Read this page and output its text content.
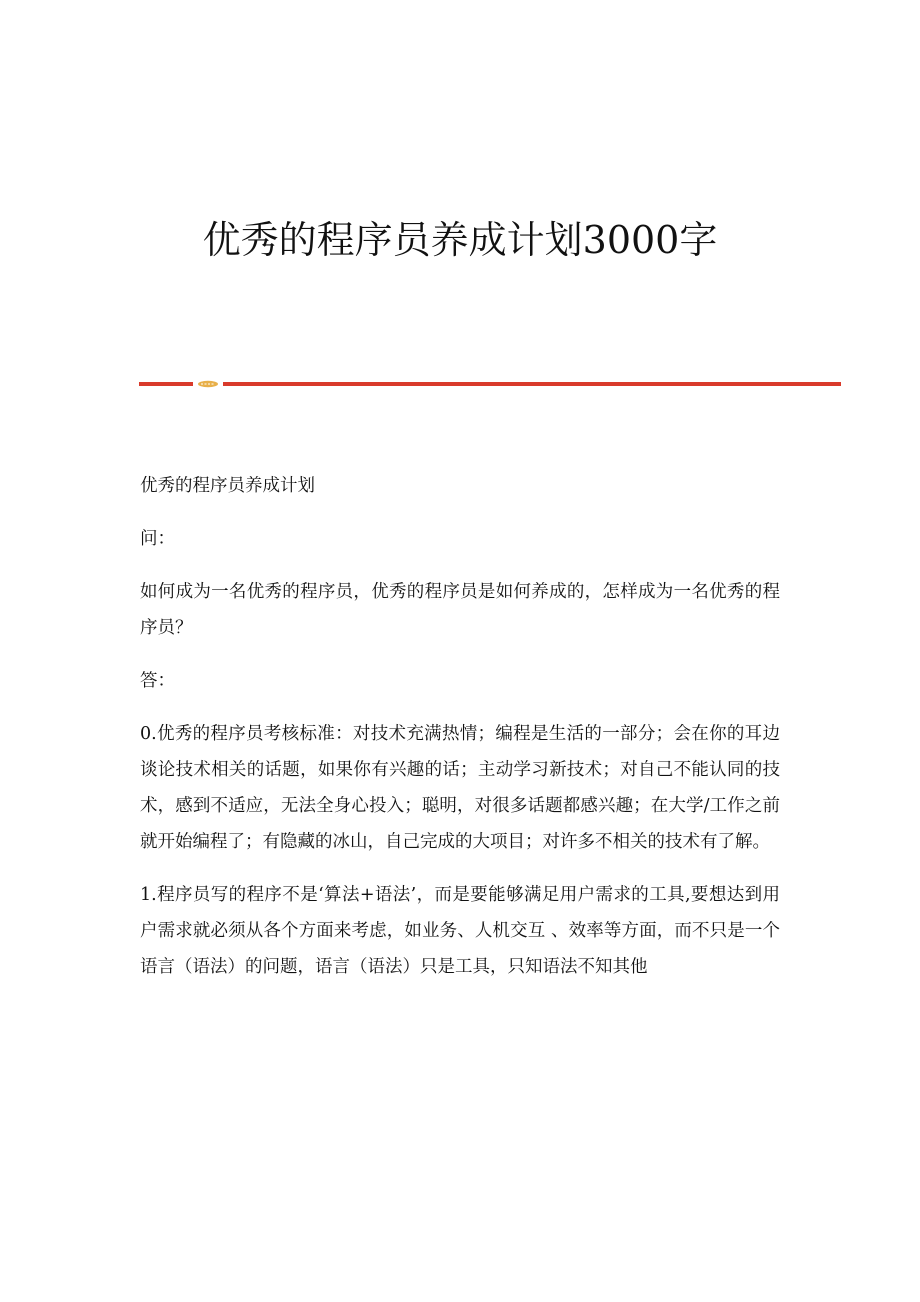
优秀的程序员养成计划3000字

优秀的程序员养成计划

问：

如何成为一名优秀的程序员，优秀的程序员是如何养成的，怎样成为一名优秀的程序员？

答：

0.优秀的程序员考核标准：对技术充满热情；编程是生活的一部分；会在你的耳边谈论技术相关的话题，如果你有兴趣的话；主动学习新技术；对自己不能认同的技术，感到不适应，无法全身心投入；聪明，对很多话题都感兴趣；在大学/工作之前就开始编程了；有隐藏的冰山，自己完成的大项目；对许多不相关的技术有了解。

1.程序员写的程序不是‘算法+语法’，而是要能够满足用户需求的工具,要想达到用户需求就必须从各个方面来考虑，如业务、人机交互 、效率等方面，而不只是一个语言（语法）的问题，语言（语法）只是工具，只知语法不知其他
